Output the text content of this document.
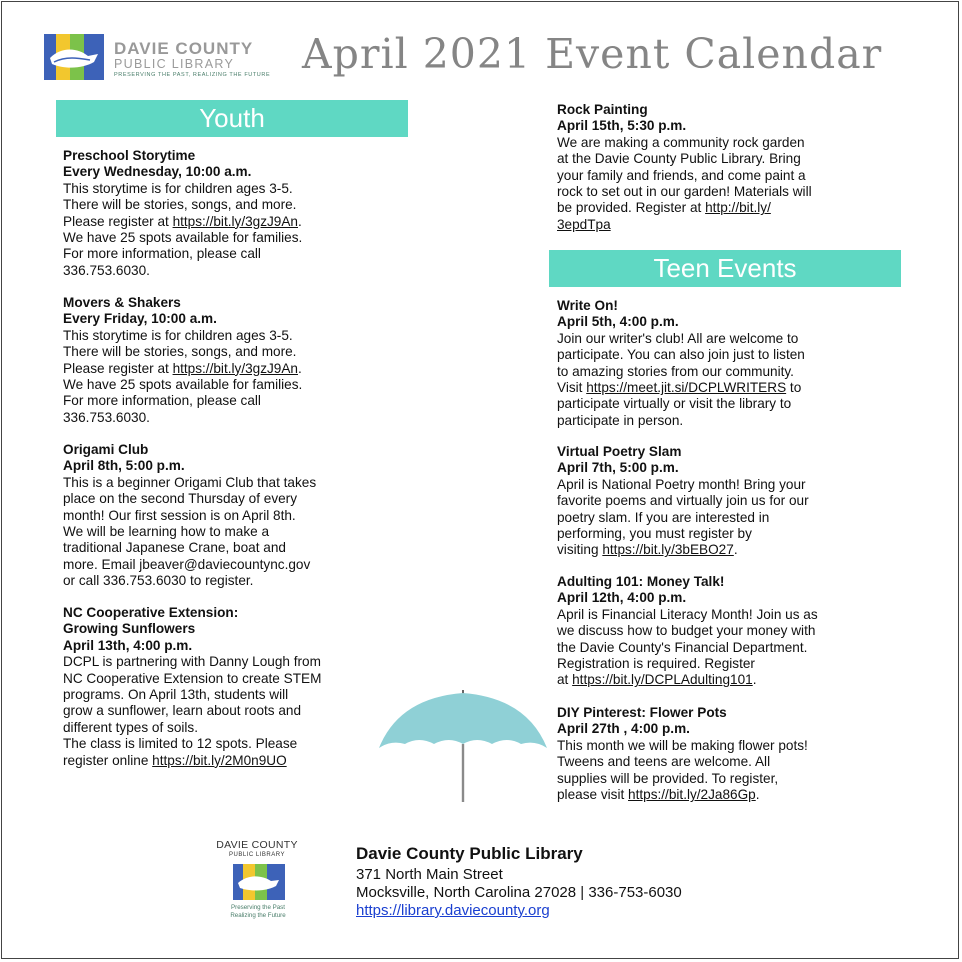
DAVIE COUNTY
PUBLIC LIBRARY
PRESERVING THE PAST, REALIZING THE FUTURE April 2021 Event Calendar
Youth
Preschool Storytime
Every Wednesday, 10:00 a.m.
This storytime is for children ages 3-5.
There will be stories, songs, and more.
Please register at https://bit.ly/3gzJ9An.
We have 25 spots available for families.
For more information, please call
336.753.6030.
Movers & Shakers
Every Friday, 10:00 a.m.
This storytime is for children ages 3-5.
There will be stories, songs, and more.
Please register at https://bit.ly/3gzJ9An.
We have 25 spots available for families.
For more information, please call
336.753.6030.
Origami Club
April 8th, 5:00 p.m.
This is a beginner Origami Club that takes
place on the second Thursday of every
month! Our first session is on April 8th.
We will be learning how to make a
traditional Japanese Crane, boat and
more. Email jbeaver@daviecountync.gov
or call 336.753.6030 to register.
NC Cooperative Extension:
Growing Sunflowers
April 13th, 4:00 p.m.
DCPL is partnering with Danny Lough from
NC Cooperative Extension to create STEM
programs. On April 13th, students will
grow a sunflower, learn about roots and
different types of soils.
The class is limited to 12 spots. Please
register online https://bit.ly/2M0n9UO
Rock Painting
April 15th, 5:30 p.m.
We are making a community rock garden
at the Davie County Public Library. Bring
your family and friends, and come paint a
rock to set out in our garden! Materials will
be provided. Register at http://bit.ly/
3epdTpa
Teen Events
Write On!
April 5th, 4:00 p.m.
Join our writer's club! All are welcome to
participate. You can also join just to listen
to amazing stories from our community.
Visit https://meet.jit.si/DCPLWRITERS to
participate virtually or visit the library to
participate in person.
Virtual Poetry Slam
April 7th, 5:00 p.m.
April is National Poetry month! Bring your
favorite poems and virtually join us for our
poetry slam. If you are interested in
performing, you must register by
visiting https://bit.ly/3bEBO27.
Adulting 101: Money Talk!
April 12th, 4:00 p.m.
April is Financial Literacy Month! Join us as
we discuss how to budget your money with
the Davie County's Financial Department.
Registration is required. Register
at https://bit.ly/DCPLAdulting101.
DIY Pinterest: Flower Pots
April 27th , 4:00 p.m.
This month we will be making flower pots!
Tweens and teens are welcome. All
supplies will be provided. To register,
please visit https://bit.ly/2Ja86Gp.
DAVIE COUNTY
PUBLIC LIBRARY
Preserving the Past
Realizing the Future
Davie County Public Library
371 North Main Street
Mocksville, North Carolina 27028 | 336-753-6030
https://library.daviecounty.org
